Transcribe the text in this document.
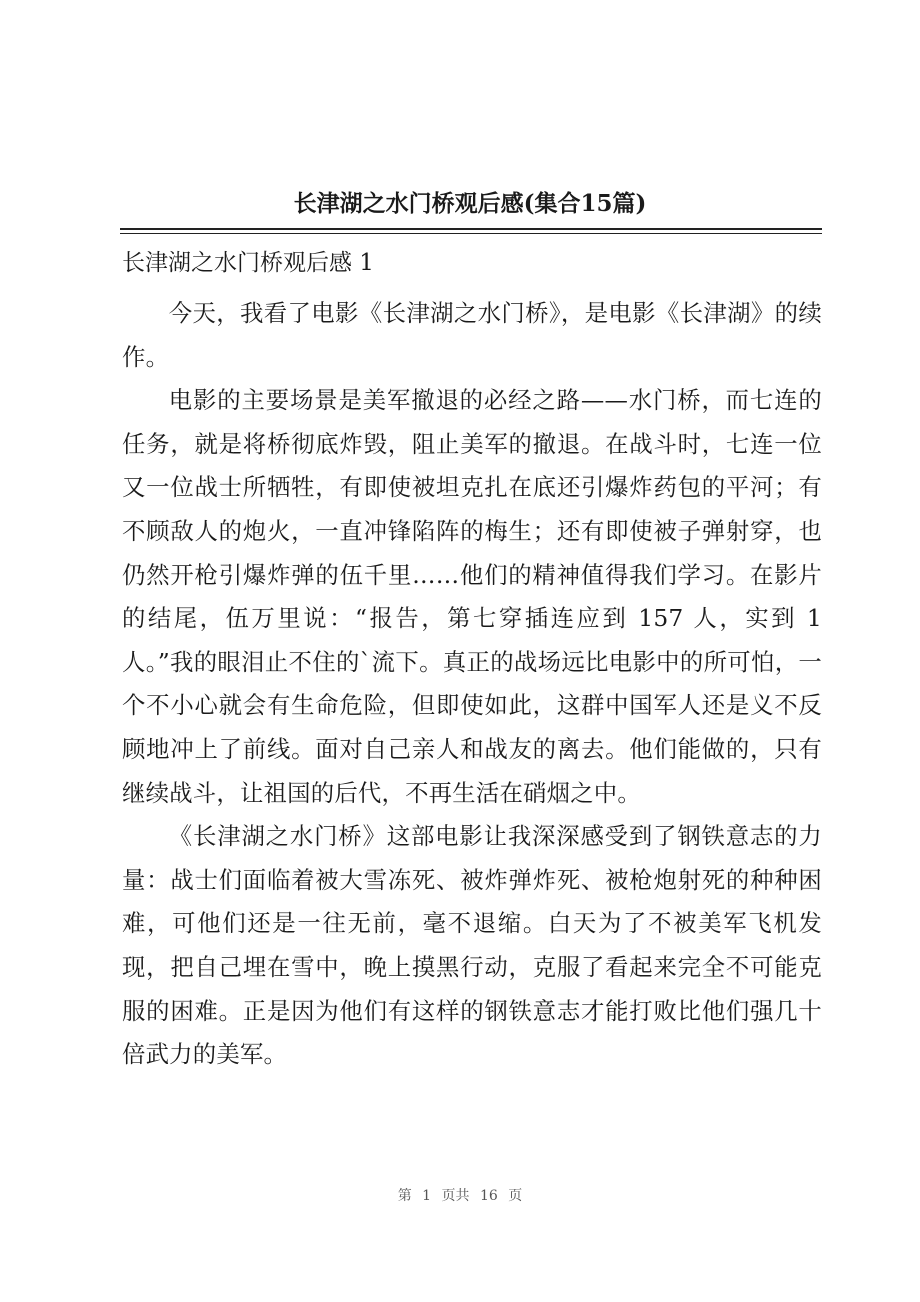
长津湖之水门桥观后感(集合15篇)
长津湖之水门桥观后感 1

今天，我看了电影《长津湖之水门桥》，是电影《长津湖》的续作。

电影的主要场景是美军撤退的必经之路——水门桥，而七连的任务，就是将桥彻底炸毁，阻止美军的撤退。在战斗时，七连一位又一位战士所牺牲，有即使被坦克扎在底还引爆炸药包的平河；有不顾敌人的炮火，一直冲锋陷阵的梅生；还有即使被子弹射穿，也仍然开枪引爆炸弹的伍千里……他们的精神值得我们学习。在影片的结尾，伍万里说：“报告，第七穿插连应到 157 人，实到 1 人。”我的眼泪止不住的`流下。真正的战场远比电影中的所可怕，一个不小心就会有生命危险，但即使如此，这群中国军人还是义不反顾地冲上了前线。面对自己亲人和战友的离去。他们能做的，只有继续战斗，让祖国的后代，不再生活在硝烟之中。

《长津湖之水门桥》这部电影让我深深感受到了钢铁意志的力量：战士们面临着被大雪冻死、被炸弹炸死、被枪炮射死的种种困难，可他们还是一往无前，毫不退缩。白天为了不被美军飞机发现，把自己埋在雪中，晚上摸黑行动，克服了看起来完全不可能克服的困难。正是因为他们有这样的钢铁意志才能打败比他们强几十倍武力的美军。

第 1 页共 16 页
